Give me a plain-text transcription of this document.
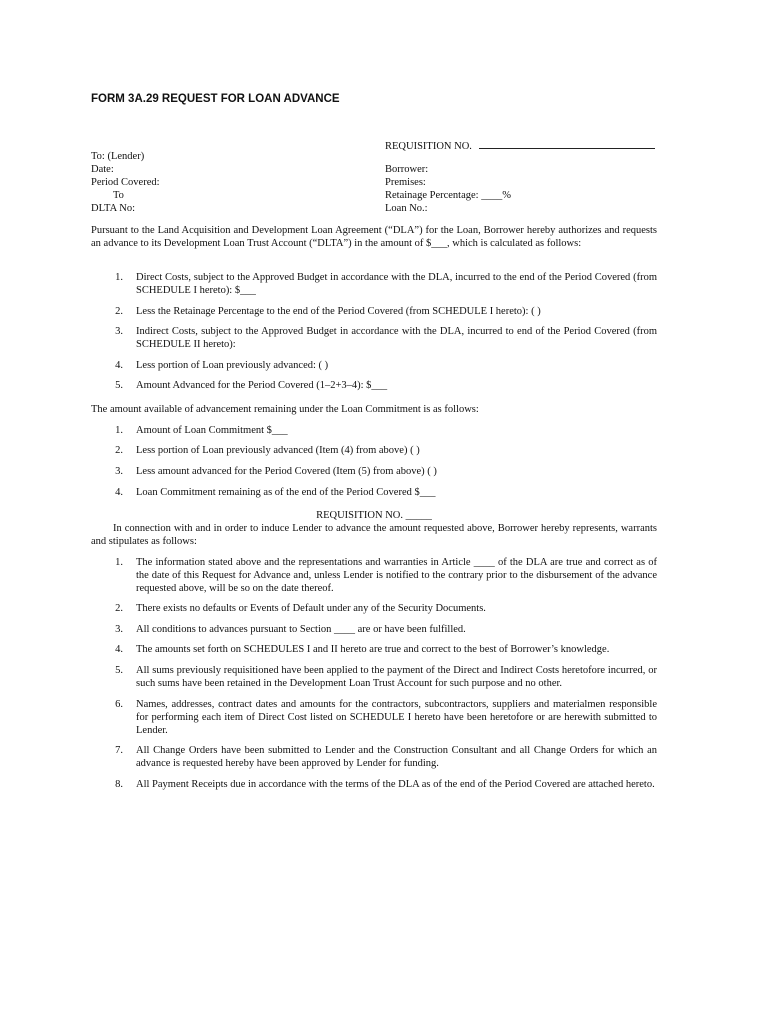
FORM 3A.29 REQUEST FOR LOAN ADVANCE
REQUISITION NO.
To: (Lender)
Date:
Period Covered:
To
DLTA No:
Borrower:
Premises:
Retainage Percentage: ____%
Loan No.:
Pursuant to the Land Acquisition and Development Loan Agreement (“DLA”) for the Loan, Borrower hereby authorizes and requests an advance to its Development Loan Trust Account (“DLTA”) in the amount of $___, which is calculated as follows:
1. Direct Costs, subject to the Approved Budget in accordance with the DLA, incurred to the end of the Period Covered (from SCHEDULE I hereto): $___
2. Less the Retainage Percentage to the end of the Period Covered (from SCHEDULE I hereto): ( )
3. Indirect Costs, subject to the Approved Budget in accordance with the DLA, incurred to end of the Period Covered (from SCHEDULE II hereto):
4. Less portion of Loan previously advanced: ( )
5. Amount Advanced for the Period Covered (1–2+3–4): $___
The amount available of advancement remaining under the Loan Commitment is as follows:
1. Amount of Loan Commitment $___
2. Less portion of Loan previously advanced (Item (4) from above) ( )
3. Less amount advanced for the Period Covered (Item (5) from above) ( )
4. Loan Commitment remaining as of the end of the Period Covered $___
REQUISITION NO. _____
In connection with and in order to induce Lender to advance the amount requested above, Borrower hereby represents, warrants and stipulates as follows:
1. The information stated above and the representations and warranties in Article ____ of the DLA are true and correct as of the date of this Request for Advance and, unless Lender is notified to the contrary prior to the disbursement of the advance requested above, will be so on the date thereof.
2. There exists no defaults or Events of Default under any of the Security Documents.
3. All conditions to advances pursuant to Section ____ are or have been fulfilled.
4. The amounts set forth on SCHEDULES I and II hereto are true and correct to the best of Borrower’s knowledge.
5. All sums previously requisitioned have been applied to the payment of the Direct and Indirect Costs heretofore incurred, or such sums have been retained in the Development Loan Trust Account for such purpose and no other.
6. Names, addresses, contract dates and amounts for the contractors, subcontractors, suppliers and materialmen responsible for performing each item of Direct Cost listed on SCHEDULE I hereto have been heretofore or are herewith submitted to Lender.
7. All Change Orders have been submitted to Lender and the Construction Consultant and all Change Orders for which an advance is requested hereby have been approved by Lender for funding.
8. All Payment Receipts due in accordance with the terms of the DLA as of the end of the Period Covered are attached hereto.
